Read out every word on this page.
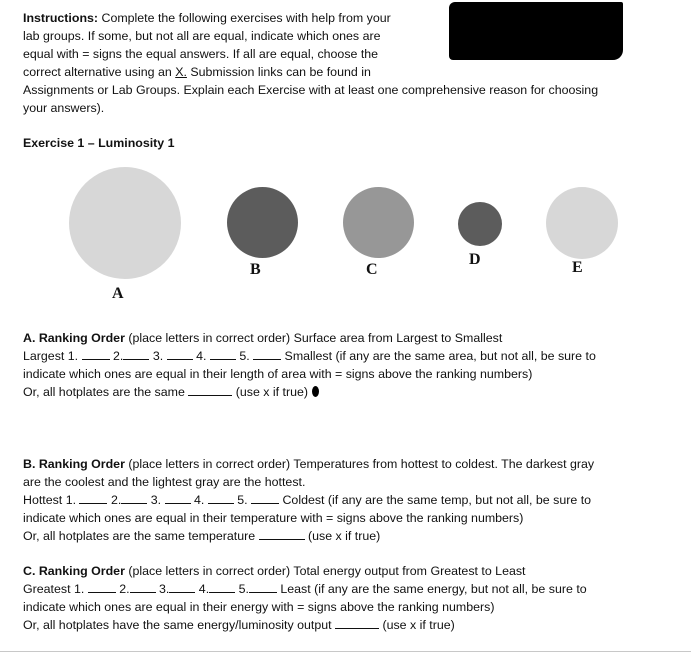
Instructions: Complete the following exercises with help from your
lab groups. If some, but not all are equal, indicate which ones are
equal with = signs the equal answers. If all are equal, choose the
correct alternative using an X. Submission links can be found in
Assignments or Lab Groups. Explain each Exercise with at least one comprehensive reason for choosing
your answers).
Exercise 1 – Luminosity 1
A
B	C
D	E
A. Ranking Order (place letters in correct order) Surface area from Largest to Smallest
Largest 1.	2. 3.	4.	5.	Smallest (if any are the same area, but not all, be sure to
indicate which ones are equal in their length of area with = signs above the ranking numbers)
Or, all hotplates are the same	(use x if true)
B. Ranking Order (place letters in correct order) Temperatures from hottest to coldest. The darkest gray
are the coolest and the lightest gray are the hottest.
Hottest 1.	2. 3.	4.	5.	Coldest (if any are the same temp, but not all, be sure to
indicate which ones are equal in their temperature with = signs above the ranking numbers)
Or, all hotplates are the same temperature	(use x if true)
C. Ranking Order (place letters in correct order) Total energy output from Greatest to Least
Greatest 1.	2. 3. 4. 5. Least (if any are the same energy, but not all, be sure to
indicate which ones are equal in their energy with = signs above the ranking numbers)
Or, all hotplates have the same energy/luminosity output	(use x if true)
